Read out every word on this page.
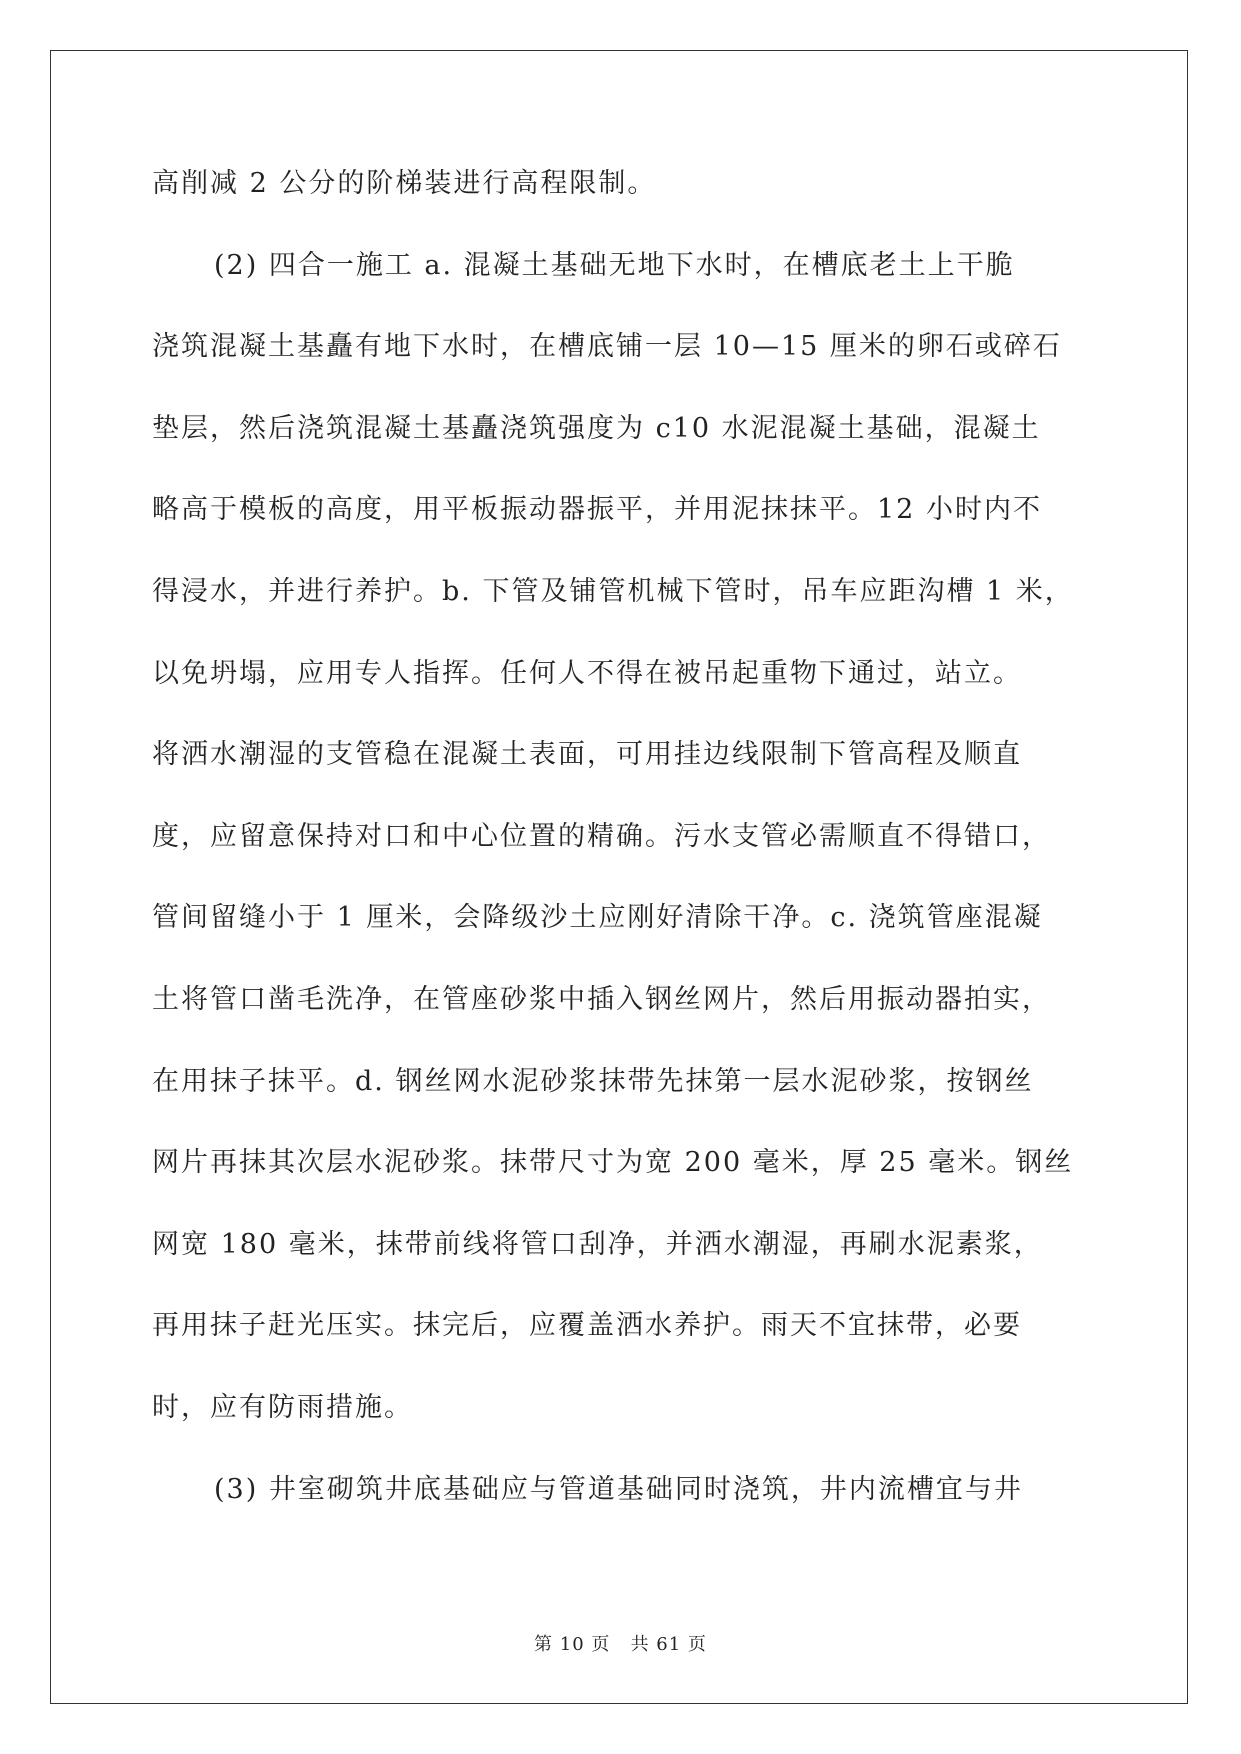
高削减 2 公分的阶梯装进行高程限制。
(2) 四合一施工 a. 混凝土基础无地下水时，在槽底老土上干脆
浇筑混凝土基矗有地下水时，在槽底铺一层 10—15 厘米的卵石或碎石
垫层，然后浇筑混凝土基矗浇筑强度为 c10 水泥混凝土基础，混凝土
略高于模板的高度，用平板振动器振平，并用泥抹抹平。12 小时内不
得浸水，并进行养护。b. 下管及铺管机械下管时，吊车应距沟槽 1 米，
以免坍塌，应用专人指挥。任何人不得在被吊起重物下通过，站立。
将洒水潮湿的支管稳在混凝土表面，可用挂边线限制下管高程及顺直
度，应留意保持对口和中心位置的精确。污水支管必需顺直不得错口，
管间留缝小于 1 厘米，会降级沙土应刚好清除干净。c. 浇筑管座混凝
土将管口凿毛洗净，在管座砂浆中插入钢丝网片，然后用振动器拍实，
在用抹子抹平。d. 钢丝网水泥砂浆抹带先抹第一层水泥砂浆，按钢丝
网片再抹其次层水泥砂浆。抹带尺寸为宽 200 毫米，厚 25 毫米。钢丝
网宽 180 毫米，抹带前线将管口刮净，并洒水潮湿，再刷水泥素浆，
再用抹子赶光压实。抹完后，应覆盖洒水养护。雨天不宜抹带，必要
时，应有防雨措施。
(3) 井室砌筑井底基础应与管道基础同时浇筑，井内流槽宜与井
第 10 页 共 61 页
